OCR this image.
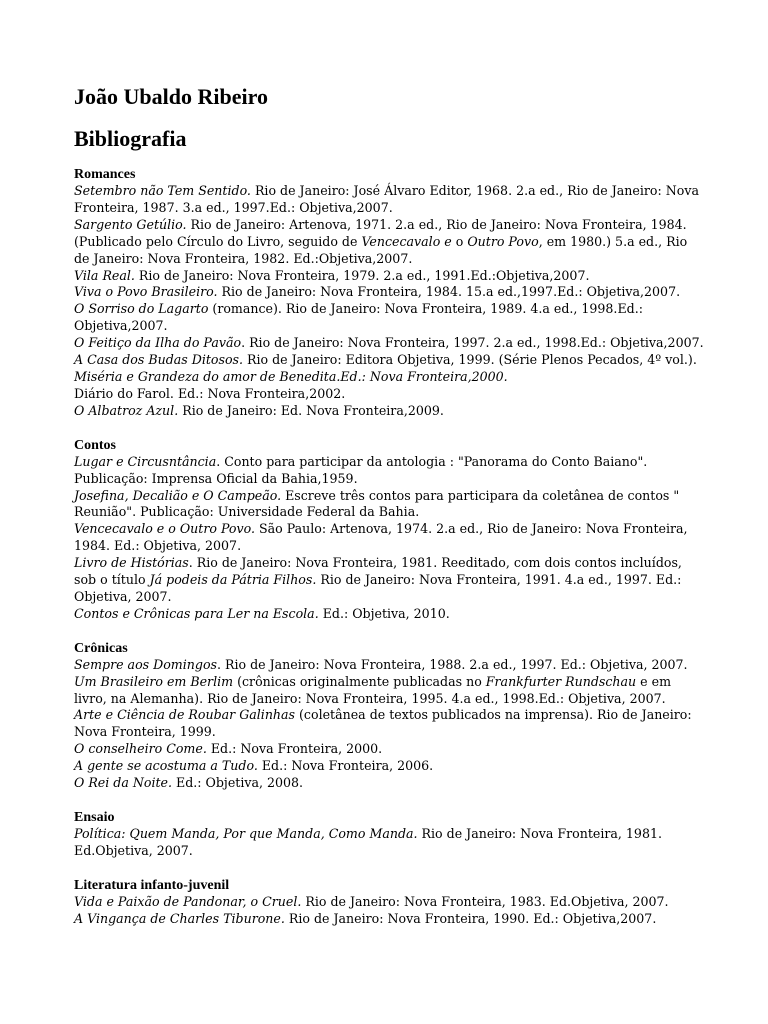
João Ubaldo Ribeiro
Bibliografia
Romances
Setembro não Tem Sentido. Rio de Janeiro: José Álvaro Editor, 1968. 2.a ed., Rio de Janeiro: Nova Fronteira, 1987. 3.a ed., 1997.Ed.: Objetiva,2007.
Sargento Getúlio. Rio de Janeiro: Artenova, 1971. 2.a ed., Rio de Janeiro: Nova Fronteira, 1984. (Publicado pelo Círculo do Livro, seguido de Vencecavalo e o Outro Povo, em 1980.) 5.a ed., Rio de Janeiro: Nova Fronteira, 1982. Ed.:Objetiva,2007.
Vila Real. Rio de Janeiro: Nova Fronteira, 1979. 2.a ed., 1991.Ed.:Objetiva,2007.
Viva o Povo Brasileiro. Rio de Janeiro: Nova Fronteira, 1984. 15.a ed.,1997.Ed.: Objetiva,2007.
O Sorriso do Lagarto (romance). Rio de Janeiro: Nova Fronteira, 1989. 4.a ed., 1998.Ed.: Objetiva,2007.
O Feitiço da Ilha do Pavão. Rio de Janeiro: Nova Fronteira, 1997. 2.a ed., 1998.Ed.: Objetiva,2007.
A Casa dos Budas Ditosos. Rio de Janeiro: Editora Objetiva, 1999. (Série Plenos Pecados, 4º vol.).
Miséria e Grandeza do amor de Benedita.Ed.: Nova Fronteira,2000.
Diário do Farol. Ed.: Nova Fronteira,2002.
O Albatroz Azul. Rio de Janeiro: Ed. Nova Fronteira,2009.
Contos
Lugar e Circusntância. Conto para participar da antologia : "Panorama do Conto Baiano". Publicação: Imprensa Oficial da Bahia,1959.
Josefina, Decalião e O Campeão. Escreve três contos para participara da coletânea de contos " Reunião". Publicação: Universidade Federal da Bahia.
Vencecavalo e o Outro Povo. São Paulo: Artenova, 1974. 2.a ed., Rio de Janeiro: Nova Fronteira, 1984. Ed.: Objetiva, 2007.
Livro de Histórias. Rio de Janeiro: Nova Fronteira, 1981. Reeditado, com dois contos incluídos, sob o título Já podeis da Pátria Filhos. Rio de Janeiro: Nova Fronteira, 1991. 4.a ed., 1997. Ed.: Objetiva, 2007.
Contos e Crônicas para Ler na Escola. Ed.: Objetiva, 2010.
Crônicas
Sempre aos Domingos. Rio de Janeiro: Nova Fronteira, 1988. 2.a ed., 1997. Ed.: Objetiva, 2007.
Um Brasileiro em Berlim (crônicas originalmente publicadas no Frankfurter Rundschau e em livro, na Alemanha). Rio de Janeiro: Nova Fronteira, 1995. 4.a ed., 1998.Ed.: Objetiva, 2007.
Arte e Ciência de Roubar Galinhas (coletânea de textos publicados na imprensa). Rio de Janeiro: Nova Fronteira, 1999.
O conselheiro Come. Ed.: Nova Fronteira, 2000.
A gente se acostuma a Tudo. Ed.: Nova Fronteira, 2006.
O Rei da Noite. Ed.: Objetiva, 2008.
Ensaio
Política: Quem Manda, Por que Manda, Como Manda. Rio de Janeiro: Nova Fronteira, 1981. Ed.Objetiva, 2007.
Literatura infanto-juvenil
Vida e Paixão de Pandonar, o Cruel. Rio de Janeiro: Nova Fronteira, 1983. Ed.Objetiva, 2007.
A Vingança de Charles Tiburone. Rio de Janeiro: Nova Fronteira, 1990. Ed.: Objetiva,2007.
